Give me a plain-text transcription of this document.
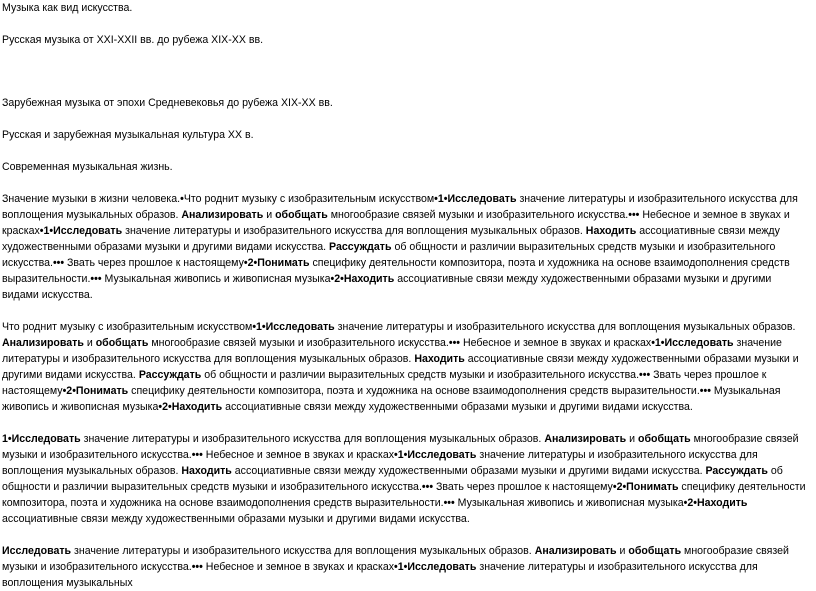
Музыка как вид искусства.
Русская музыка от XXI-XXII вв. до рубежа XIX-XX вв.
Зарубежная музыка от эпохи Средневековья до рубежа XIX-XX вв.
Русская и зарубежная музыкальная культура XX в.
Современная музыкальная жизнь.

Значение музыки в жизни человека.•Что роднит музыку с изобразительным искусством•1•Исследовать значение литературы и изобразительного искусства для воплощения музыкальных образов. Анализировать и обобщать многообразие связей музыки и изобразительного искусства.••• Небесное и земное в звуках и красках•1•Исследовать значение литературы и изобразительного искусства для воплощения музыкальных образов. Находить ассоциативные связи между художественными образами музыки и другими видами искусства. Рассуждать об общности и различии выразительных средств музыки и изобразительного искусства.••• Звать через прошлое к настоящему•2•Понимать специфику деятельности композитора, поэта и художника на основе взаимодополнения средств выразительности.••• Музыкальная живопись и живописная музыка•2•Находить ассоциативные связи между художественными образами музыки и другими видами искусства.

Что роднит музыку с изобразительным искусством•1•Исследовать значение литературы и изобразительного искусства для воплощения музыкальных образов.
Анализировать и обобщать многообразие связей музыки и изобразительного искусства.••• Небесное и земное в звуках и красках•1•Исследовать значение литературы и изобразительного искусства для воплощения музыкальных образов. Находить ассоциативные связи между художественными образами музыки и другими видами искусства. Рассуждать об общности и различии выразительных средств музыки и изобразительного искусства.••• Звать через прошлое к настоящему•2•Понимать специфику деятельности композитора, поэта и художника на основе взаимодополнения средств выразительности.••• Музыкальная живопись и живописная музыка•2•Находить ассоциативные связи между художественными образами музыки и другими видами искусства.

1•Исследовать значение литературы и изобразительного искусства для воплощения музыкальных образов. Анализировать и обобщать многообразие связей музыки и изобразительного искусства.••• Небесное и земное в звуках и красках•1•Исследовать значение литературы и изобразительного искусства для воплощения музыкальных образов. Находить ассоциативные связи между художественными образами музыки и другими видами искусства. Рассуждать об общности и различии выразительных средств музыки и изобразительного искусства.••• Звать через прошлое к настоящему•2•Понимать специфику деятельности композитора, поэта и художника на основе взаимодополнения средств выразительности.••• Музыкальная живопись и живописная музыка•2•Находить ассоциативные связи между художественными образами музыки и другими видами искусства.

Исследовать значение литературы и изобразительного искусства для воплощения музыкальных образов. Анализировать и обобщать многообразие связей музыки и изобразительного искусства.••• Небесное и земное в звуках и красках•1•Исследовать значение литературы и изобразительного искусства для воплощения музыкальных
